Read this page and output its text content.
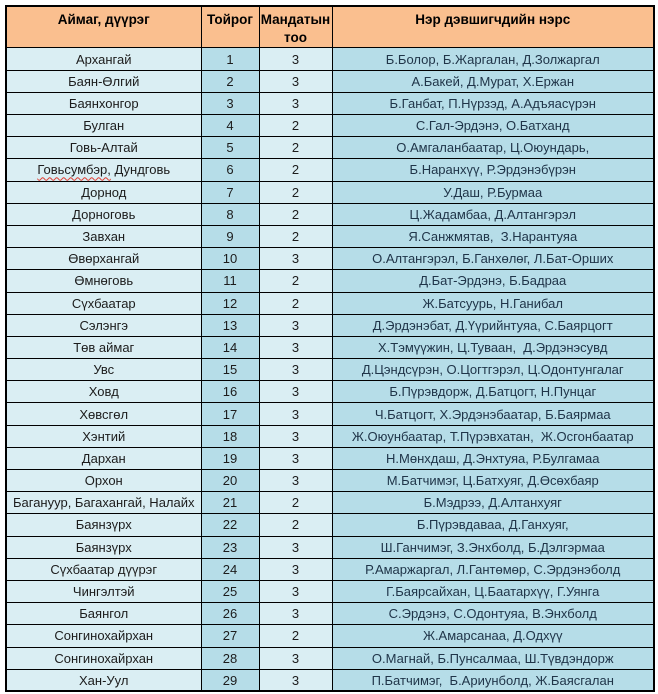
Аймаг, дүүрэг	Тойрог	Мандатын тоо	Нэр дэвшигчдийн нэрс
Архангай	1	3	Б.Болор, Б.Жаргалан, Д.Золжаргал
Баян-Өлгий	2	3	А.Бакей, Д.Мурат, Х.Ержан
Баянхонгор	3	3	Б.Ганбат, П.Нүрзэд, А.Адъяасүрэн
Булган	4	2	С.Гал-Эрдэнэ, О.Батханд
Говь-Алтай	5	2	О.Амгаланбаатар, Ц.Оюундарь,
Говьсумбэр, Дундговь	6	2	Б.Наранхүү, Р.Эрдэнэбүрэн
Дорнод	7	2	У.Даш, Р.Бурмаа
Дорноговь	8	2	Ц.Жадамбаа, Д.Алтангэрэл
Завхан	9	2	Я.Санжмятав,  З.Нарантуяа
Өвөрхангай	10	3	О.Алтангэрэл, Б.Ганхөлөг, Л.Бат-Орших
Өмнөговь	11	2	Д.Бат-Эрдэнэ, Б.Бадраа
Сүхбаатар	12	2	Ж.Батсуурь, Н.Ганибал
Сэлэнгэ	13	3	Д.Эрдэнэбат, Д.Үүрийнтуяа, С.Баярцогт
Төв аймаг	14	3	Х.Тэмүүжин, Ц.Туваан,  Д.Эрдэнэсувд
Увс	15	3	Д.Цэндсүрэн, О.Цогтгэрэл, Ц.Одонтунгалаг
Ховд	16	3	Б.Пүрэвдорж, Д.Батцогт, Н.Пунцаг
Хөвсгөл	17	3	Ч.Батцогт, Х.Эрдэнэбаатар, Б.Баярмаа
Хэнтий	18	3	Ж.Оюунбаатар, Т.Пүрэвхатан,  Ж.Осгонбаатар
Дархан	19	3	Н.Мөнхдаш, Д.Энхтуяа, Р.Булгамаа
Орхон	20	3	М.Батчимэг, Ц.Батхуяг, Д.Өсөхбаяр
Багануур, Багахангай, Налайх	21	2	Б.Мэдрээ, Д.Алтанхуяг
Баянзүрх	22	2	Б.Пүрэвдаваа, Д.Ганхуяг,
Баянзүрх	23	3	Ш.Ганчимэг, З.Энхболд, Б.Дэлгэрмаа
Сүхбаатар дүүрэг	24	3	Р.Амаржаргал, Л.Гантөмөр, С.Эрдэнэболд
Чингэлтэй	25	3	Г.Баярсайхан, Ц.Баатархүү, Г.Уянга
Баянгол	26	3	С.Эрдэнэ, С.Одонтуяа, В.Энхболд
Сонгинохайрхан	27	2	Ж.Амарсанаа, Д.Одхүү
Сонгинохайрхан	28	3	О.Магнай, Б.Пунсалмаа, Ш.Түвдэндорж
Хан-Уул	29	3	П.Батчимэг,  Б.Ариунболд, Ж.Баясгалан
